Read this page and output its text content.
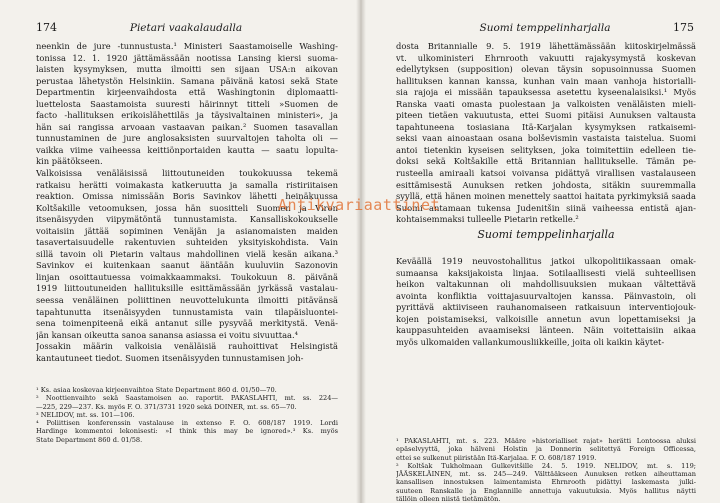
174	Pietari vaakalaudalla
neenkin de jure -tunnustusta.¹ Ministeri Saastamoiselle Washing-
tonissa 12. 1. 1920 jättämässään nootissa Lansing kiersi suoma-
laisten kysymyksen, mutta ilmoitti sen sijaan USA:n aikovan
perustaa lähetystön Helsinkiin. Samana päivänä katosi sekä State
Departmentin kirjeenvaihdosta että Washingtonin diplomaatti-
luettelosta Saastamoista suuresti häirinnyt titteli »Suomen de
facto -hallituksen erikoislähettiläs ja täysivaltainen ministeri», ja
hän sai rangissa arvoaan vastaavan paikan.² Suomen tasavallan
tunnustaminen de jure anglosaksisten suurvaltojen taholta oli —
vaikka viime vaiheessa keittiönportaiden kautta — saatu lopulta-
kin päätökseen.
Valkoisissa venäläisissä liittoutuneiden toukokuussa tekemä
ratkaisu herätti voimakasta katkeruutta ja samalla ristiriitaisen
reaktion. Omissa nimissään Boris Savinkov lähetti heinäkuussa
Koltšakille vetoomuksen, jossa hän suositteli Suomen ja Viron
itsenäisyyden viipymätöntä tunnustamista. Kansalliskokoukselle
voitaisiin jättää sopiminen Venäjän ja asianomaisten maiden
tasavertaisuudelle rakentuvien suhteiden yksityiskohdista. Vain
sillä tavoin oli Pietarin valtaus mahdollinen vielä kesän aikana.³
Savinkov ei kuitenkaan saanut ääntään kuuluviin Sazonovin
linjan osoittautuessa voimakkaammaksi. Toukokuun 8. päivänä
1919 liittoutuneiden hallituksille esittämässään jyrkässä vastalau-
seessa venäläinen poliittinen neuvottelukunta ilmoitti pitävänsä
tapahtunutta itsenäisyyden tunnustamista vain tilapäisluontei-
sena toimenpiteenä eikä antanut sille pysyvää merkitystä. Venä-
jän kansan oikeutta sanoa sanansa asiassa ei voitu sivuuttaa.⁴
Jossakin määrin valkoisia venäläisiä rauhoittivat Helsingistä
kantautuneet tiedot. Suomen itsenäisyyden tunnustamisen joh-
¹ Ks. asiaa koskevaa kirjeenvaihtoa State Department 860 d. 01/50—70.
² Noottienvaihto sekä Saastamoisen ao. raportit. PAKASLAHTI, mt. ss. 224—
—225, 229—237. Ks. myös F. O. 371/3731 1920 sekä DOINER, mt. ss. 65—70.
³ NELIDOV, mt. ss. 101—106.
⁴ Poliittisen konferenssin vastalause in extenso F. O. 608/187 1919. Lordi
Hardinge kommentoi lekonisesti: »I think this may be ignored».³ Ks. myös
State Department 860 d. 01/58.
Suomi temppelinharjalla	175
dosta Britannialle 9. 5. 1919 lähettämässään kiitoskirjelmässä
vt. ulkoministeri Ehrnrooth vakuutti rajakysymystä koskevan
edellytyksen (supposition) olevan täysin sopusoinnussa Suomen
hallituksen kannan kanssa, kunhan vain maan vanhoja historialli-
sia rajoja ei missään tapauksessa asetettu kyseenalaisiksi.¹ Myös
Ranska vaati omasta puolestaan ja valkoisten venäläisten mieli-
piteen tietäen vakuutusta, ettei Suomi pitäisi Aunuksen valtausta
tapahtuneena tosiasiana Itä-Karjalan kysymyksen ratkaisemi-
seksi vaan ainoastaan osana bolševismin vastaista taistelua. Suomi
antoi tietenkin kyseisen selityksen, joka toimitettiin edelleen tie-
doksi sekä Koltšakille että Britannian hallitukselle. Tämän pe-
rusteella amiraali katsoi voivansa pidättyä virallisen vastalauseen
esittämisestä Aunuksen retken johdosta, sitäkin suuremmalla
syyllä, että hänen moinen menettely saattoi haitata pyrkimyksiä saada
Suomi antamaan tukensa Judenitšin siinä vaiheessa entistä ajan-
kohtaisemmaksi tulleelle Pietarin retkelle.²
Suomi temppelinharjalla
Keväällä 1919 neuvostohallitus jatkoi ulkopolitiikassaan omak-
sumaansa kaksijakoista linjaa. Sotilaallisesti vielä suhteellisen
heikon valtakunnan oli mahdollisuuksien mukaan vältettävä
avointa konfliktia voittajasuurvaltojen kanssa. Päinvastoin, oli
pyrittävä aktiiviseen rauhanomaiseen ratkaisuun interventiojouk-
kojen poistamiseksi, valkoisille annetun avun lopettamiseksi ja
kauppasuhteiden avaamiseksi länteen. Näin voitettaisiin aikaa
myös ulkomaiden vallankumousliikkeille, joita oli kaikin käytet-
¹ PAKASLAHTI, mt. s. 223. Määre »historialliset rajat» herätti Lontoossa aluksi
epäselvyyttä, joka hälveni Holstin ja Donnerin selitettyä Foreign Officessa,
ettei se sulkenut piiristään Itä-Karjalaa. F. O. 608/187 1919.
² Koltšak Tukholmaan Gulkevitšille 24. 5. 1919. NELIDOV, mt. s. 119;
JÄÄSKELÄINEN, mt. ss. 245—249. Välttääkseen Aunuksen retken aiheuttaman
kansallisen innostuksen laimentamista Ehrnrooth pidättyi laskemasta julki-
suuteen Ranskalle ja Englannille annettuja vakuutuksia. Myös hallitus näytti
tällöin olleen niistä tietämätön.
Antikvariaattinet
